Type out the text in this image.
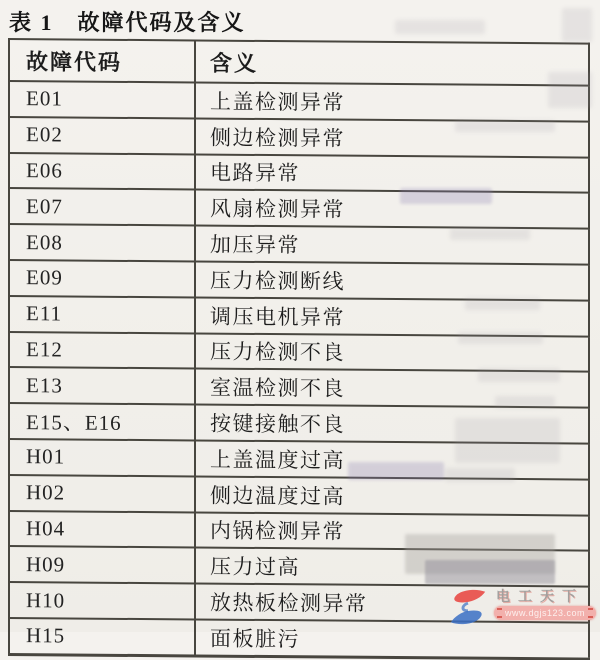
表 1　故障代码及含义
故障代码	含义
E01	上盖检测异常
E02	侧边检测异常
E06	电路异常
E07	风扇检测异常
E08	加压异常
E09	压力检测断线
E11	调压电机异常
E12	压力检测不良
E13	室温检测不良
E15、E16	按键接触不良
H01	上盖温度过高
H02	侧边温度过高
H04	内锅检测异常
H09	压力过高
H10	放热板检测异常
H15	面板脏污
电工天下
www.dgjs123.com
